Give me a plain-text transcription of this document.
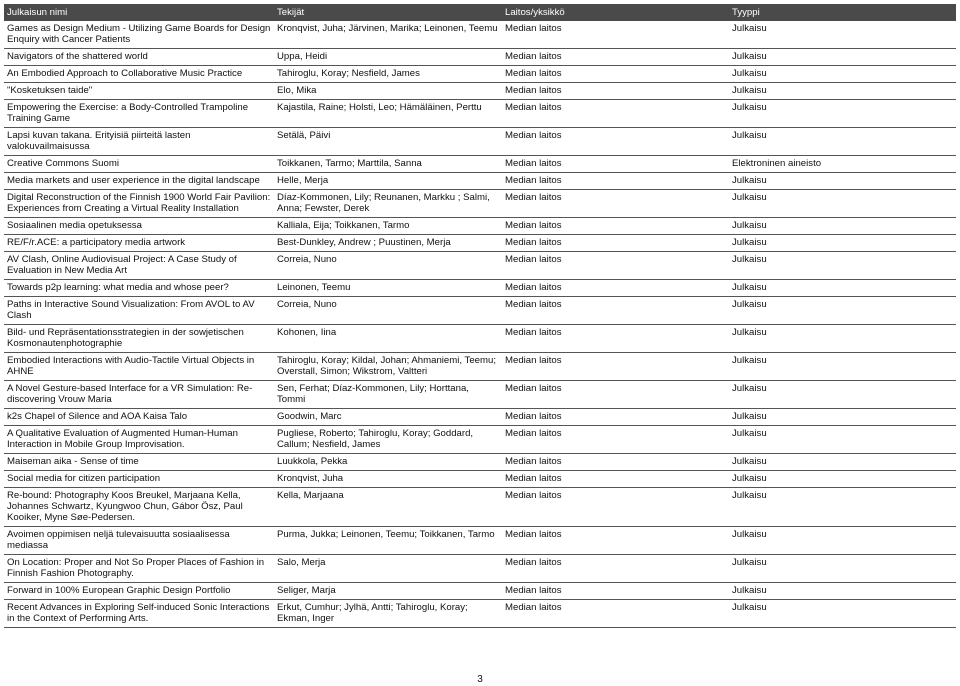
Julkaisun nimi	Tekijät	Laitos/yksikkö	Tyyppi
Games as Design Medium - Utilizing Game Boards for Design Enquiry with Cancer Patients	Kronqvist, Juha; Järvinen, Marika; Leinonen, Teemu	Median laitos	Julkaisu
Navigators of the shattered world	Uppa, Heidi	Median laitos	Julkaisu
An Embodied Approach to Collaborative Music Practice	Tahiroglu, Koray; Nesfield, James	Median laitos	Julkaisu
"Kosketuksen taide"	Elo, Mika	Median laitos	Julkaisu
Empowering the Exercise: a Body-Controlled Trampoline Training Game	Kajastila, Raine; Holsti, Leo; Hämäläinen, Perttu	Median laitos	Julkaisu
Lapsi kuvan takana. Erityisiä piirteitä lasten valokuvailmaisussa	Setälä, Päivi	Median laitos	Julkaisu
Creative Commons Suomi	Toikkanen, Tarmo; Marttila, Sanna	Median laitos	Elektroninen aineisto
Media markets and user experience in the digital landscape	Helle, Merja	Median laitos	Julkaisu
Digital Reconstruction of the Finnish 1900 World Fair Pavilion: Experiences from Creating a Virtual Reality Installation	Díaz-Kommonen, Lily; Reunanen, Markku ; Salmi, Anna; Fewster, Derek	Median laitos	Julkaisu
Sosiaalinen media opetuksessa	Kalliala, Eija; Toikkanen, Tarmo	Median laitos	Julkaisu
RE/F/r.ACE: a participatory media artwork	Best-Dunkley, Andrew ; Puustinen, Merja	Median laitos	Julkaisu
AV Clash, Online Audiovisual Project: A Case Study of Evaluation in New Media Art	Correia, Nuno	Median laitos	Julkaisu
Towards p2p learning: what media and whose peer?	Leinonen, Teemu	Median laitos	Julkaisu
Paths in Interactive Sound Visualization: From AVOL to AV Clash	Correia, Nuno	Median laitos	Julkaisu
Bild- und Repräsentationsstrategien in der sowjetischen Kosmonautenphotographie	Kohonen, Iina	Median laitos	Julkaisu
Embodied Interactions with Audio-Tactile Virtual Objects in AHNE	Tahiroglu, Koray; Kildal, Johan; Ahmaniemi, Teemu; Overstall, Simon; Wikstrom, Valtteri	Median laitos	Julkaisu
A Novel Gesture-based Interface for a VR Simulation: Re-discovering Vrouw Maria	Sen, Ferhat; Díaz-Kommonen, Lily; Horttana, Tommi	Median laitos	Julkaisu
k2s Chapel of Silence and AOA Kaisa Talo	Goodwin, Marc	Median laitos	Julkaisu
A Qualitative Evaluation of Augmented Human-Human Interaction in Mobile Group Improvisation.	Pugliese, Roberto; Tahiroglu, Koray; Goddard, Callum; Nesfield, James	Median laitos	Julkaisu
Maiseman aika - Sense of time	Luukkola, Pekka	Median laitos	Julkaisu
Social media for citizen participation	Kronqvist, Juha	Median laitos	Julkaisu
Re-bound: Photography Koos Breukel, Marjaana Kella, Johannes Schwartz, Kyungwoo Chun, Gábor Ösz, Paul Kooiker, Myne Søe-Pedersen.	Kella, Marjaana	Median laitos	Julkaisu
Avoimen oppimisen neljä tulevaisuutta sosiaalisessa mediassa	Purma, Jukka; Leinonen, Teemu; Toikkanen, Tarmo	Median laitos	Julkaisu
On Location: Proper and Not So Proper Places of Fashion in Finnish Fashion Photography.	Salo, Merja	Median laitos	Julkaisu
Forward in 100% European Graphic Design Portfolio	Seliger, Marja	Median laitos	Julkaisu
Recent Advances in Exploring Self-induced Sonic Interactions in the Context of Performing Arts.	Erkut, Cumhur; Jylhä, Antti; Tahiroglu, Koray; Ekman, Inger	Median laitos	Julkaisu
3
